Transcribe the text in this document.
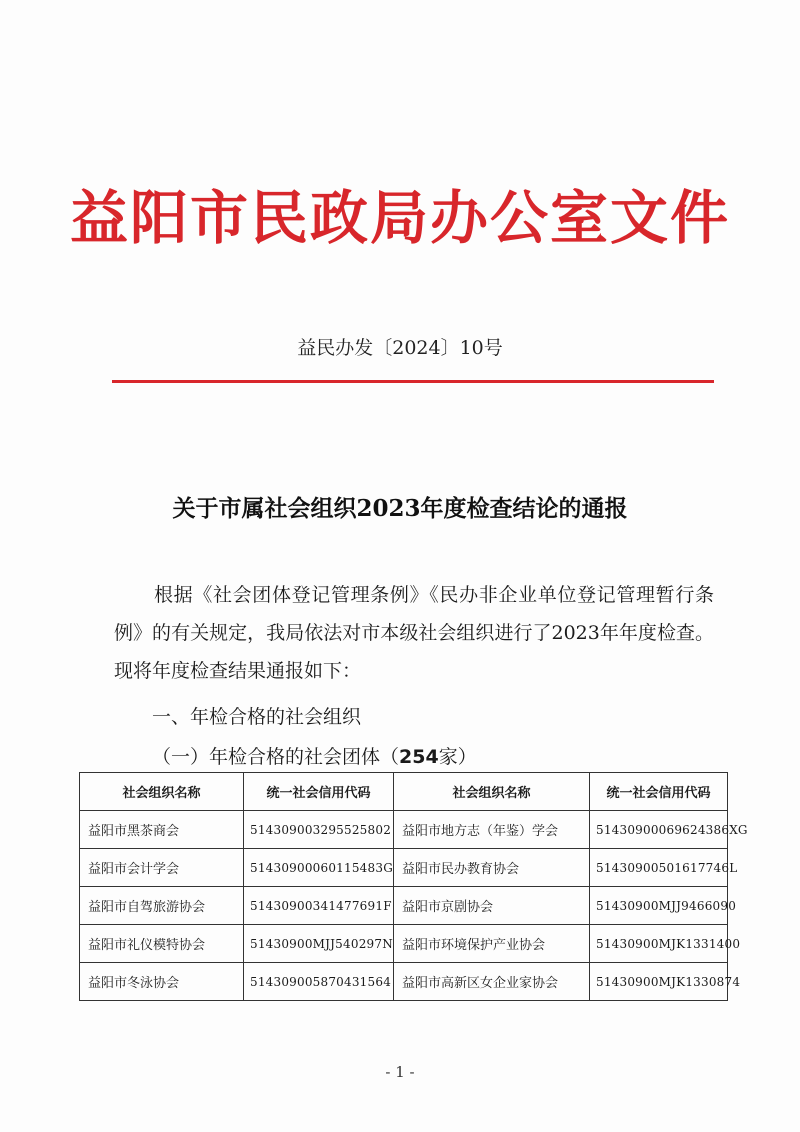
益阳市民政局办公室文件
益民办发〔2024〕10号
关于市属社会组织2023年度检查结论的通报
根据《社会团体登记管理条例》《民办非企业单位登记管理暂行条例》的有关规定，我局依法对市本级社会组织进行了2023年年度检查。现将年度检查结果通报如下：
一、年检合格的社会组织
（一）年检合格的社会团体（254家）
社会组织名称	统一社会信用代码	社会组织名称	统一社会信用代码
益阳市黑茶商会	514309003295525802	益阳市地方志（年鉴）学会	51430900069624386XG
益阳市会计学会	51430900060115483G	益阳市民办教育协会	51430900501617746L
益阳市自驾旅游协会	51430900341477691F	益阳市京剧协会	51430900MJJ9466090
益阳市礼仪模特协会	51430900MJJ540297N	益阳市环境保护产业协会	51430900MJK1331400
益阳市冬泳协会	514309005870431564	益阳市高新区女企业家协会	51430900MJK1330874
- 1 -
